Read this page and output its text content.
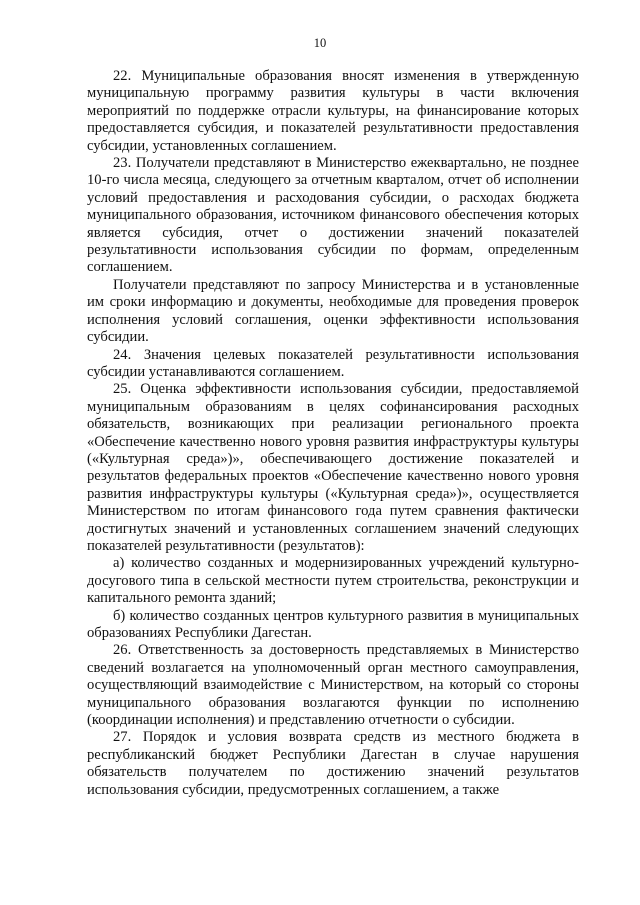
10

22. Муниципальные образования вносят изменения в утвержденную муниципальную программу развития культуры в части включения мероприятий по поддержке отрасли культуры, на финансирование которых предоставляется субсидия, и показателей результативности предоставления субсидии, установленных соглашением.

23. Получатели представляют в Министерство ежеквартально, не позднее 10-го числа месяца, следующего за отчетным кварталом, отчет об исполнении условий предоставления и расходования субсидии, о расходах бюджета муниципального образования, источником финансового обеспечения которых является субсидия, отчет о достижении значений показателей результативности использования субсидии по формам, определенным соглашением.

Получатели представляют по запросу Министерства и в установленные им сроки информацию и документы, необходимые для проведения проверок исполнения условий соглашения, оценки эффективности использования субсидии.

24. Значения целевых показателей результативности использования субсидии устанавливаются соглашением.

25. Оценка эффективности использования субсидии, предоставляемой муниципальным образованиям в целях софинансирования расходных обязательств, возникающих при реализации регионального проекта «Обеспечение качественно нового уровня развития инфраструктуры культуры («Культурная среда»)», обеспечивающего достижение показателей и результатов федеральных проектов «Обеспечение качественно нового уровня развития инфраструктуры культуры («Культурная среда»)», осуществляется Министерством по итогам финансового года путем сравнения фактически достигнутых значений и установленных соглашением значений следующих показателей результативности (результатов):

а) количество созданных и модернизированных учреждений культурно-досугового типа в сельской местности путем строительства, реконструкции и капитального ремонта зданий;

б) количество созданных центров культурного развития в муниципальных образованиях Республики Дагестан.

26. Ответственность за достоверность представляемых в Министерство сведений возлагается на уполномоченный орган местного самоуправления, осуществляющий взаимодействие с Министерством, на который со стороны муниципального образования возлагаются функции по исполнению (координации исполнения) и представлению отчетности о субсидии.

27. Порядок и условия возврата средств из местного бюджета в республиканский бюджет Республики Дагестан в случае нарушения обязательств получателем по достижению значений результатов использования субсидии, предусмотренных соглашением, а также
